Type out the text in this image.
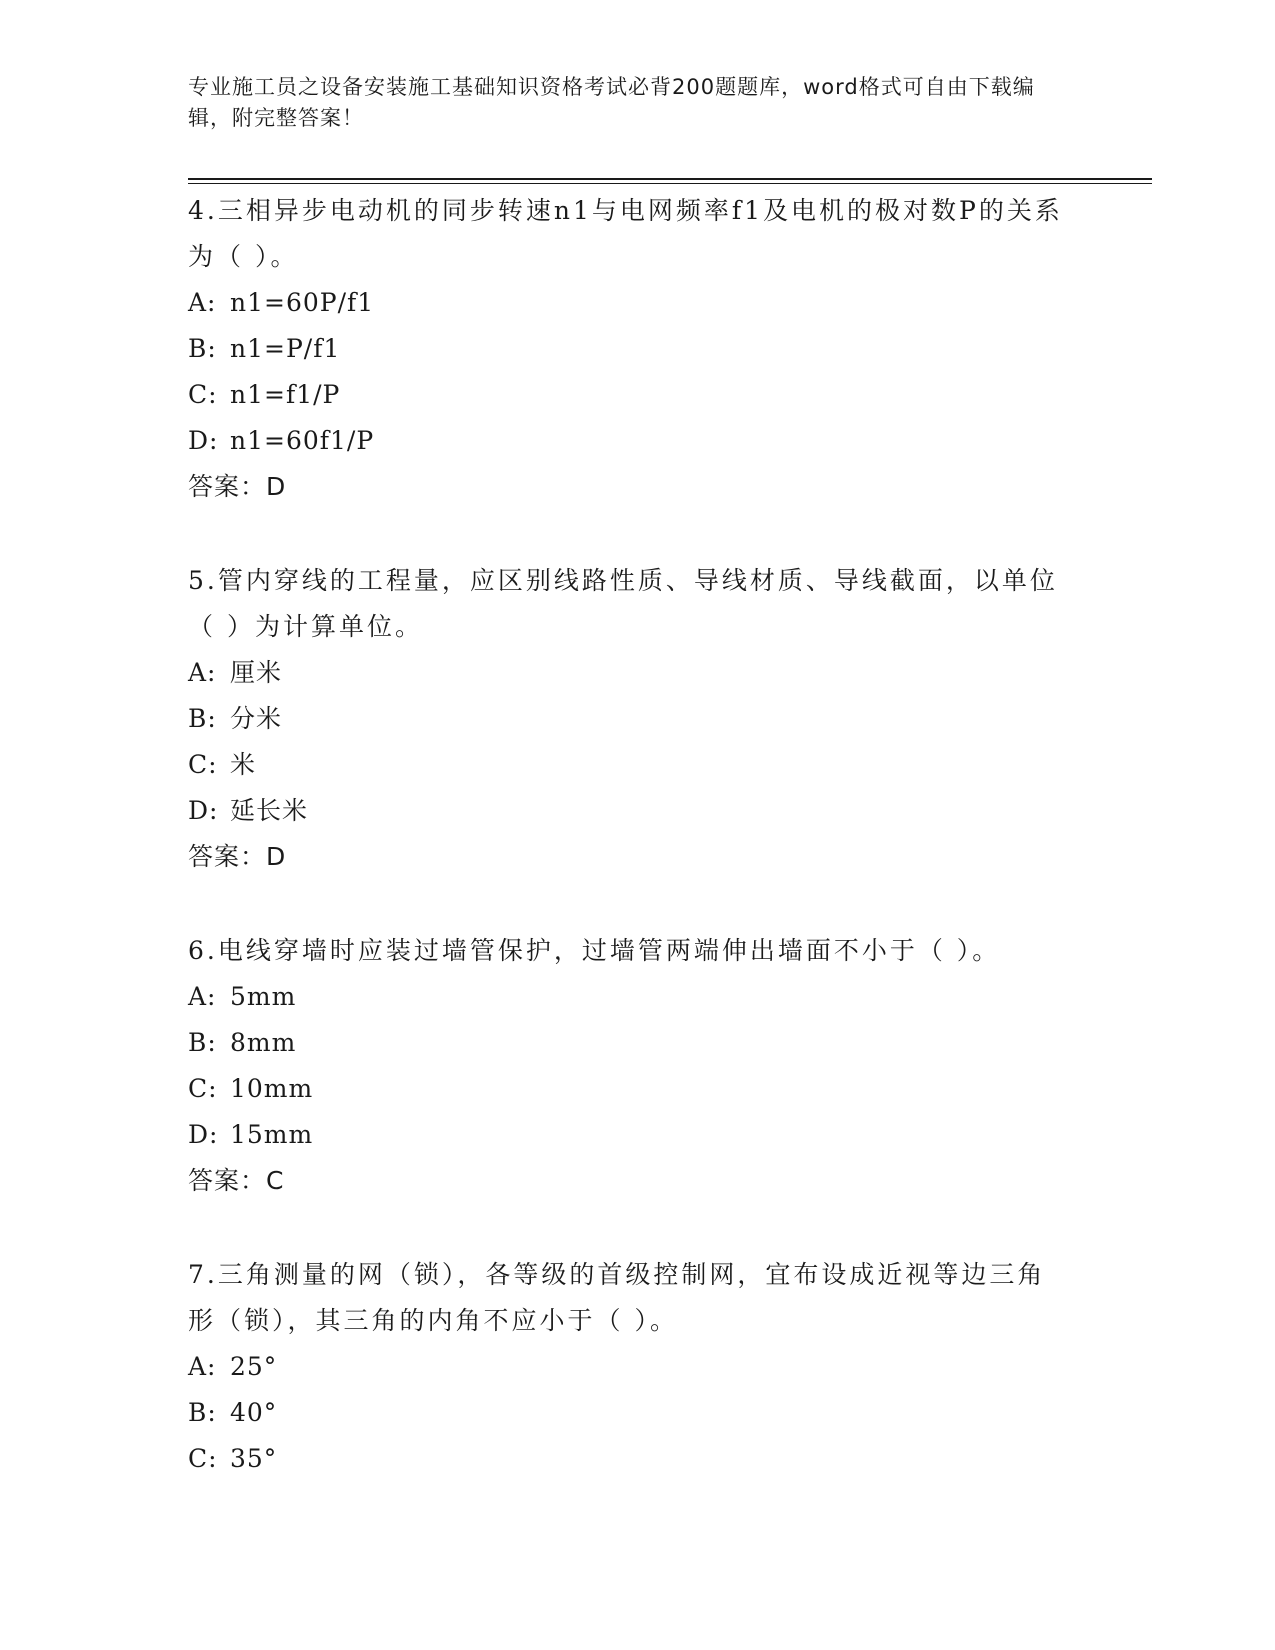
专业施工员之设备安装施工基础知识资格考试必背200题题库，word格式可自由下载编辑，附完整答案！

4.三相异步电动机的同步转速n1与电网频率f1及电机的极对数P的关系为（ ）。

A: n1=60P/f1

B: n1=P/f1

C: n1=f1/P

D: n1=60f1/P

答案：D

5.管内穿线的工程量，应区别线路性质、导线材质、导线截面，以单位（ ）为计算单位。

A: 厘米

B: 分米

C: 米

D: 延长米

答案：D

6.电线穿墙时应装过墙管保护，过墙管两端伸出墙面不小于（ ）。

A: 5mm

B: 8mm

C: 10mm

D: 15mm

答案：C

7.三角测量的网（锁），各等级的首级控制网，宜布设成近视等边三角形（锁），其三角的内角不应小于（ ）。

A: 25°

B: 40°

C: 35°
